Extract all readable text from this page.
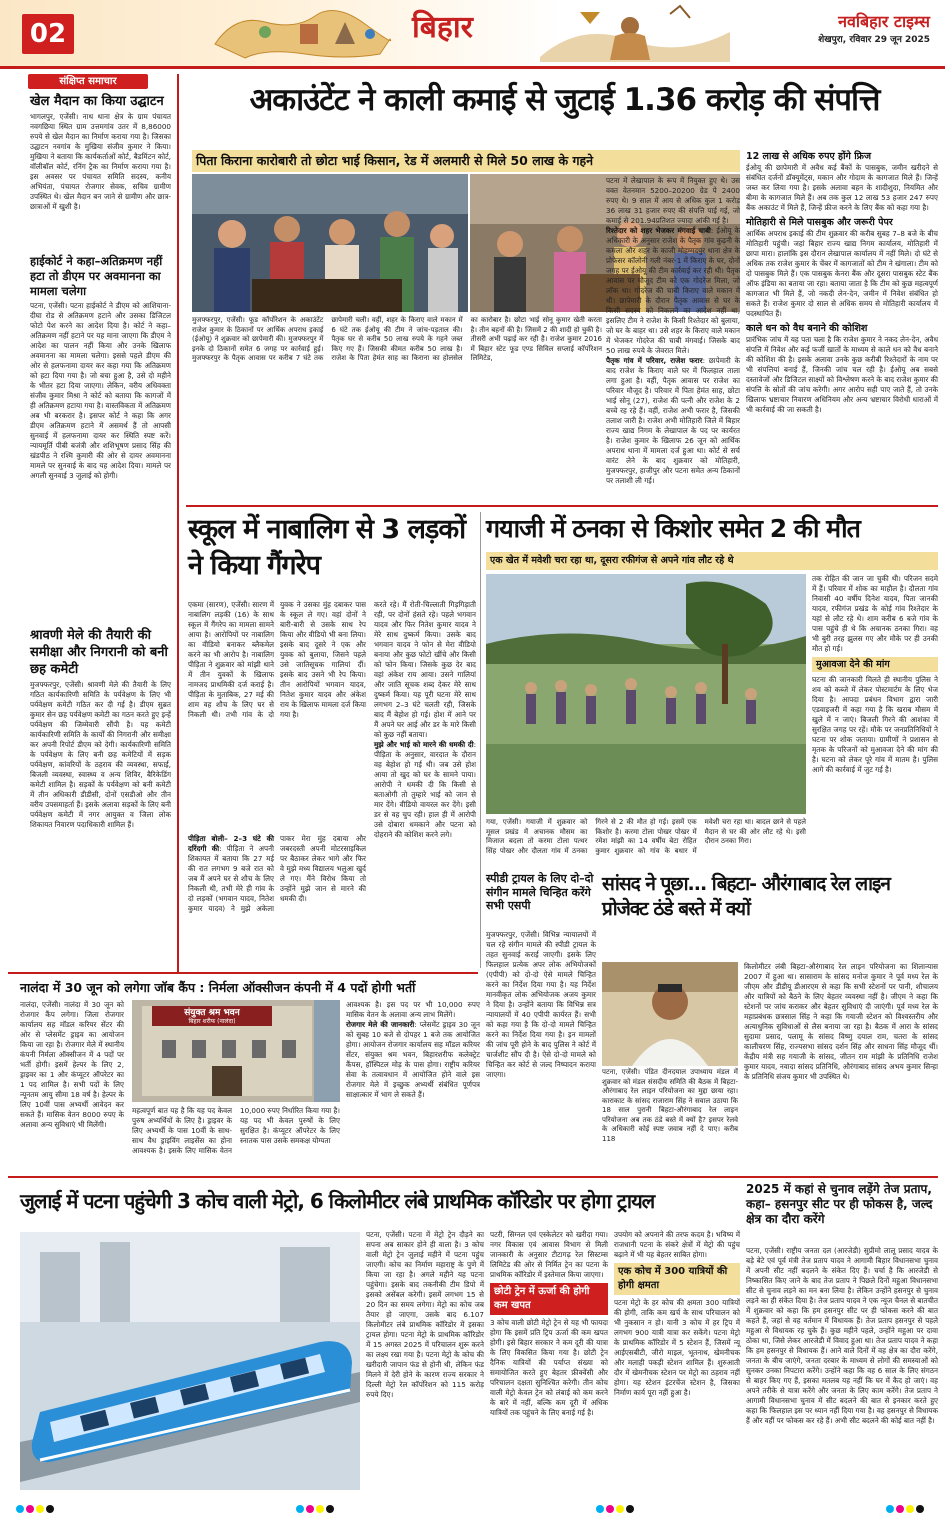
02	बिहार	नवबिहार टाइम्स
शेखपुरा, रविवार 29 जून 2025
संक्षिप्त समाचार
खेल मैदान का किया उद्घाटन
भागलपुर, एजेंसी। नाथ थाना क्षेत्र के ग्राम पंचायत नवगछिया स्थित ग्राम उत्तमगांव उतर में 8,86000 रुपये से खेल मैदान का निर्माण कराया गया है। जिसका उद्घाटन नवगांव के मुखिया संजीव कुमार ने किया। मुखिया ने बताया कि कार्यकर्ताओं कोर्ट, बैडमिंटन कोर्ट, वॉलीबॉल कोर्ट, रनिंग ट्रैक का निर्माण कराया गया है। इस अवसर पर पंचायत समिति सदस्य, कनीय अभियंता, पंचायत रोजगार सेवक, सचिव ग्रामीण उपस्थित थे। खेल मैदान बन जाने से ग्रामीण और छात्र-छात्राओं में खुशी है।
हाईकोर्ट ने कहा–अतिक्रमण नहीं हटा तो डीएम पर अवमानना का मामला चलेगा
पटना, एजेंसी। पटना हाईकोर्ट ने डीएम को आशियाना-दीघा रोड से अतिक्रमण हटाने और उसका डिजिटल फोटो पेश करने का आदेश दिया है। कोर्ट ने कहा–अतिक्रमण नहीं हटाने पर यह माना जाएगा कि डीएम ने आदेश का पालन नहीं किया और उनके खिलाफ अवमानना का मामला चलेगा। इससे पहले डीएम की ओर से हलफनामा दायर कर कहा गया कि अतिक्रमण को हटा दिया गया है। जो बचा हुआ है, उसे दो महीने के भीतर हटा दिया जाएगा। लेकिन, वरीय अधिवक्ता संजीव कुमार मिश्रा ने कोर्ट को बताया कि कागजों में ही अतिक्रमण हटाया गया है। वास्तविकता में अतिक्रमण अब भी बरकरार है। इसपर कोर्ट ने कहा कि अगर डीएम अतिक्रमण हटाने में असमर्थ हैं तो आपसी सुनवाई में हलफनामा दायर कर स्थिति स्पष्ट करें। न्यायमूर्ति पीबी बजंत्री और शशिभूषण प्रसाद सिंह की खंडपीठ ने रश्मि कुमारी की ओर से दायर अवमानना मामले पर सुनवाई के बाद यह आदेश दिया। मामले पर अगली सुनवाई 3 जुलाई को होगी।
श्रावणी मेले की तैयारी की समीक्षा और निगरानी को बनी छह कमेटी
मुजफ्फरपुर, एजेंसी। श्रावणी मेले की तैयारी के लिए गठित कार्यकारिणी समिति के पर्यवेक्षण के लिए भी पर्यवेक्षण कमेटी गठित कर दी गई है। डीएम सुब्रत कुमार सेन छह पर्यवेक्षण कमेटी का गठन करते हुए इन्हें पर्यवेक्षण की जिम्मेवारी सौंपी है। यह कमेटी कार्यकारिणी समिति के कार्यों की निगरानी और समीक्षा कर अपनी रिपोर्ट डीएम को देगी। कार्यकारिणी समिति के पर्यवेक्षण के लिए बनी छह कमेटियों में सड़क पर्यवेक्षण, कांवरियों के ठहराव की व्यवस्था, सफाई, बिजली व्यवस्था, स्वास्थ्य व अन्य शिविर, बैरिकेडिंग कमेटी शामिल है। सड़कों के पर्यवेक्षण को बनी कमेटी में तीन अधिकारी डीडीसी, दोनों एसडीओ और तीन वरीय उपसमाहर्ता हैं। इसके अलावा सड़कों के लिए बनी पर्यवेक्षण कमेटी में नगर आयुक्त व जिला लोक शिकायत निवारण पदाधिकारी शामिल हैं।
अकाउंटेंट ने काली कमाई से जुटाई 1.36 करोड़ की संपत्ति
पिता किराना कारोबारी तो छोटा भाई किसान, रेड में अलमारी से मिले 50 लाख के गहने
मुजफ्फरपुर, एजेंसी। फूड कॉर्पोरेशन के अकाउंटेंट राजेश कुमार के ठिकानों पर आर्थिक अपराध इकाई (ईओयू) ने शुक्रवार को छापेमारी की। मुजफ्फरपुर में इनके दो ठिकानों समेत 6 जगह पर कार्रवाई हुई। मुजफ्फरपुर के पैतृक आवास पर करीब 7 घंटे तक छापेमारी चली। वहीं, शहर के किराए वाले मकान में 6 घंटे तक ईओयू की टीम ने जांच-पड़ताल की। पैतृक घर से करीब 50 लाख रुपये के गहने जब्त किए गए हैं। जिसकी कीमत करीब 50 लाख है। राजेश के पिता हेमंत साह का किराना का होलसेल का कारोबार है। छोटा भाई सोनू कुमार खेती करता है। तीन बहनों की है। जिसमें 2 की शादी हो चुकी है। तीसरी अभी पढ़ाई कर रही है। राजेश कुमार 2016 में बिहार स्टेट फूड एण्ड सिविल सप्लाई कॉर्पोरेशन लिमिटेड,
पटना में लेखापाल के रूप में नियुक्त हुए थे। उस वक्त वेतनमान 5200–20200 ग्रेड पे 2400 रुपए थे। 9 साल में आय से अधिक कुल 1 करोड़ 36 लाख 31 हजार रुपए की संपत्ति पाई गई, जो कमाई से 201.94प्रतिशत ज्यादा आंकी गई है।
रिश्तेदार को शहर भेजकर मंगवाई चाबी: ईओयू के अधिकारी के अनुसार राजेश के पैतृक गांव कुढ़नी के कमला और शहर के काजी मोहम्मदपुर थाना क्षेत्र के प्रोफेसर कॉलोनी गली नंबर-1 में किराए के घर, दोनों जगह पर ईओयू की टीम कार्रवाई कर रही थी। पैतृक आवास पर मौजूद टीम को एक गोदरेज मिला, जो लॉक था। गोदरेज की चाबी किराए वाले मकान में थी। छापेमारी के दौरान पैतृक आवास से घर के किसी सदस्य को निकलने का आदेश नहीं था, इसलिए टीम ने राजेश के किसी रिश्तेदार को बुलाया, जो घर के बाहर था। उसे शहर के किराए वाले मकान में भेजकर गोदरेज की चाबी मंगवाई। जिसके बाद 50 लाख रुपये के जेवरात मिले।
पैतृक गांव में परिवार, राजेश फरार: छापेमारी के बाद राजेश के किराए वाले घर में फिलहाल ताला लगा हुआ है। वहीं, पैतृक आवास पर राजेश का परिवार मौजूद है। परिवार में पिता हेमंत साह, छोटा भाई सोनू (27), राजेश की पत्नी और राजेश के 2 बच्चे रह रहे हैं। वहीं, राजेश अभी फरार है, जिसकी तलाश जारी है। राजेश अभी मोतिहारी जिले में बिहार राज्य खाद्य निगम के लेखापाल के पद पर कार्यरत है। राजेश कुमार के खिलाफ 26 जून को आर्थिक अपराध थाना में मामला दर्ज हुआ था। कोर्ट से सर्च वारंट लेने के बाद शुक्रवार को मोतिहारी, मुजफ्फरपुर, हाजीपुर और पटना समेत अन्य ठिकानों पर तलाशी ली गई।
12 लाख से अधिक रुपए होंगे फ्रिज
ईओयू की छापेमारी में अवैध कई बैंकों के पासबुक, जमीन खरीदने से संबंधित दर्जनों डॉक्यूमेंट्स, मकान और गोदाम के कागजात मिले हैं। जिन्हें जब्त कर लिया गया है। इसके अलावा बहन के शादीशुदा, नियमित और बीमा के कागजात मिले हैं। अब तक कुल 12 लाख 53 हजार 247 रुपए बैंक अकाउंट में मिले हैं, जिन्हें फ्रीज करने के लिए बैंक को कहा गया है।
मोतिहारी से मिले पासबुक और जरूरी पेपर
आर्थिक अपराध इकाई की टीम शुक्रवार की करीब सुबह 7–8 बजे के बीच मोतिहारी पहुंची। जहां बिहार राज्य खाद्य निगम कार्यालय, मोतिहारी में छापा मारा। हालांकि इस दौरान लेखापाल कार्यालय में नहीं मिले। दो घंटे से अधिक तक राजेश कुमार के चेंबर में कागजातों को टीम ने खंगाला। टीम को दो पासबुक मिले हैं। एक पासबुक केनरा बैंक और दूसरा पासबुक स्टेट बैंक ऑफ इंडिया का बताया जा रहा। बताया जाता है कि टीम को कुछ महत्वपूर्ण कागजात भी मिले हैं, जो नकदी लेन-देन, जमीन में निवेश संबंधित हो सकते हैं। राजेश कुमार दो साल से अधिक समय से मोतिहारी कार्यालय में पदस्थापित हैं।
काले धन को वैध बनाने की कोशिश
प्रारंभिक जांच में यह पता चला है कि राजेश कुमार ने नकद लेन-देन, अवैध संपत्ति में निवेश और कई फर्जी खातों के माध्यम से काले धन को वैध बनाने की कोशिश की है। इसके अलावा उनके कुछ करीबी रिश्तेदारों के नाम पर भी संपत्तियां बनाई हैं, जिनकी जांच चल रही है। ईओयू अब सबसे दस्तावेजों और डिजिटल साक्ष्यों को विश्लेषण करने के बाद राजेश कुमार की संपत्ति के स्रोतों की जांच करेगी। अगर आरोप सही पाए जाते हैं, तो उनके खिलाफ भ्रष्टाचार निवारण अधिनियम और अन्य भ्रष्टाचार विरोधी धाराओं में भी कार्रवाई की जा सकती है।
स्कूल में नाबालिग से 3 लड़कों ने किया गैंगरेप
एकमा (सारण), एजेंसी। सारण में नाबालिग लड़की (16) के साथ स्कूल में गैंगरेप का मामला सामने आया है। आरोपियों पर नाबालिग का वीडियो बनाकर ब्लैकमेल करने का भी आरोप है। नाबालिग पीड़िता ने शुक्रवार को मांझी थाने में तीन युवकों के खिलाफ नामजद प्राथमिकी दर्ज कराई है। पीड़िता के मुताबिक, 27 मई की शाम वह शौच के लिए घर से निकली थी। तभी गांव के दो युवक ने उसका मुंह दबाकर पास के स्कूल ले गए। वहां दोनों ने बारी-बारी से उसके साथ रेप किया और वीडियो भी बना लिया। इसके बाद दूसरे ने एक और युवक को बुलाया, जिसने पहले उसे जातिसूचक गालियां दीं। इसके बाद उसने भी रेप किया। तीन आरोपियों भगवान यादव, नितेश कुमार यादव और अंकेश राय के खिलाफ मामला दर्ज किया गया है।
पीड़िता बोली– 2–3 घंटे की दरिंदगी की: पीड़िता ने अपनी शिकायत में बताया कि 27 मई की रात लगभग 9 बजे रात को जब मैं अपने घर से शौच के लिए निकली थी, तभी मेरे ही गांव के दो लड़कों (भगवान यादव, नितेश कुमार यादव) ने मुझे अकेला पाकर मेरा मुंह दबाया और जबरदस्ती अपनी मोटरसाइकिल पर बैठाकर लेकर भागे और फिर वे मुझे मध्य विद्यालय भलुआ खुर्द ले गए। मैंने विरोध किया तो उन्होंने मुझे जान से मारने की धमकी दी।
करते रहे। मैं रोती-चिल्लाती गिड़गिड़ाती रही, पर दोनों हंसते रहे। पहले भगवान यादव और फिर नितेश कुमार यादव ने मेरे साथ दुष्कर्म किया। उसके बाद भगवान यादव ने फोन से मेरा वीडियो बनाया और कुछ फोटो खींचे और किसी को फोन किया। जिसके कुछ देर बाद वहां अंकेश राय आया। उसने गालियां और जाति सूचक शब्द देकर मेरे साथ दुष्कर्म किया। यह पूरी घटना मेरे साथ लगभग 2–3 घंटे चलती रही, जिसके बाद मैं बेहोश हो गई। होश में आने पर मैं अपने घर आई और डर के मारे किसी को कुछ नहीं बताया।
मुझे और भाई को मारने की धमकी दी: पीड़िता के अनुसार, वारदात के दौरान वह बेहोश हो गई थी। जब उसे होश आया तो खुद को घर के सामने पाया। आरोपी ने धमकी दी कि किसी से बताओगी तो तुम्हारे भाई को जान से मार देंगे। वीडियो वायरल कर देंगे। इसी डर से वह चुप रही। हाल ही में आरोपी उसे दोबारा धमकाने और पटना को दोहराने की कोशिश करने लगे।
गयाजी में ठनका से किशोर समेत 2 की मौत
एक खेत में मवेशी चरा रहा था, दूसरा रफीगंज से अपने गांव लौट रहे थे
गया, एजेंसी। गयाजी में शुक्रवार को मूसल प्रखंड में अचानक मौसम का मिजाज बदला तो करमा टोला पत्थर सिंह पोखर और दौलता गांव में ठनका गिरने से 2 की मौत हो गई। इसमें एक किशोर है। करमा टोला पोखर पोखर में रमेश मांझी का 14 वर्षीय बेटा रोहित कुमार शुक्रवार को गांव के बधार में मवेशी चरा रहा था। बादल छाने से पहले मैदान से घर की ओर लौट रहे थे। इसी दौरान ठनका गिरा।
तक रोहित की जान जा चुकी थी। परिजन सदमे में हैं। परिवार में शोक का माहौल है। दौलता गांव निवासी 40 वर्षीय दिनेश यादव, पिता जानकी यादव, रफीगंज प्रखंड के कोई गांव रिश्तेदार के यहां से लौट रहे थे। शाम करीब 6 बजे गांव के पास पहुंचे ही थे कि अचानक ठनका गिरा। वह भी बुरी तरह झुलस गए और मौके पर ही उनकी मौत हो गई।
मुआवजा देने की मांग
घटना की जानकारी मिलते ही स्थानीय पुलिस ने शव को कब्जे में लेकर पोस्टमार्टम के लिए भेज दिया है। आपदा प्रबंधन विभाग द्वारा जारी एडवाइजरी में कहा गया है कि खराब मौसम में खुले में न जाएं। बिजली गिरने की आशंका में सुरक्षित जगह पर रहें। मौके पर जनप्रतिनिधियों ने घटना पर शोक जताया। ग्रामीणों ने प्रशासन से मृतक के परिजनों को मुआवजा देने की मांग की है। घटना को लेकर पूरे गांव में मातम है। पुलिस आगे की कार्रवाई में जुट गई है।
स्पीडी ट्रायल के लिए दो–दो संगीन मामले चिन्हित करेंगे सभी एसपी
मुजफ्फरपुर, एजेंसी। विभिन्न न्यायालयों में चल रहे संगीन मामले की स्पीडी ट्रायल के तहत सुनवाई कराई जाएगी। इसके लिए फिलहाल प्रत्येक अपर लोक अभियोजकों (एपीपी) को दो-दो ऐसे मामले चिन्हित करने का निर्देश दिया गया है। यह निर्देश मानवीकृत लोक अभियोजक अजय कुमार ने दिया है। उन्होंने बताया कि विभिन्न सत्र न्यायालयों में 40 एपीपी कार्यरत हैं। सभी को कहा गया है कि दो-दो मामले चिन्हित करने का निर्देश दिया गया है। इन मामलों की जांच पूरी होने के बाद पुलिस ने कोर्ट में चार्जशीट सौंप दी है। ऐसे दो-दो मामले को चिन्हित कर कोर्ट से जल्द निष्पादन कराया जाएगा।
सांसद ने पूछा... बिहटा- औरंगाबाद रेल लाइन प्रोजेक्ट ठंडे बस्ते में क्यों
पटना, एजेंसी। पंडित दीनदयाल उपाध्याय मंडल में शुक्रवार को मंडल संसदीय समिति की बैठक में बिहटा-औरंगाबाद रेल लाइन परियोजना का मुद्दा छाया रहा। काराकाट के सांसद राजाराम सिंह ने सवाल उठाया कि 18 साल पुरानी बिहटा-औरंगाबाद रेल लाइन परियोजना अब तक ठंडे बस्ते में क्यों है? इसपर रेलवे के अधिकारी कोई स्पष्ट जवाब नहीं दे पाए। करीब 118
किलोमीटर लंबी बिहटा-औरंगाबाद रेल लाइन परियोजना का शिलान्यास 2007 में हुआ था। सासाराम के सांसद मनोज कुमार ने पूर्व मध्य रेल के जीएम और डीडीयू डीआरएम से कहा कि सभी स्टेशनों पर पानी, शौचालय और यात्रियों को बैठने के लिए बेहतर व्यवस्था नहीं है। जीएम ने कहा कि स्टेशनों पर जांच कराकर और बेहतर सुविधाएं दी जाएंगी। पूर्व मध्य रेल के महाप्रबंधक छत्रसाल सिंह ने कहा कि गयाजी स्टेशन को विश्वस्तरीय और अत्याधुनिक सुविधाओं से लैस बनाया जा रहा है। बैठक में आरा के सांसद सुदामा प्रसाद, पलामू के सांसद विष्णु दयाल राम, चतरा के सांसद कालीचरण सिंह, राज्यसभा सांसद दर्शन सिंह और साधना सिंह मौजूद थीं। केंद्रीय मंत्री सह गयाजी के सांसद, जीतन राम मांझी के प्रतिनिधि राजेश कुमार यादव, नवादा सांसद प्रतिनिधि, औरंगाबाद सांसद अभय कुमार सिन्हा के प्रतिनिधि संजय कुमार भी उपस्थित थे।
नालंदा में 30 जून को लगेगा जॉब कैंप : निर्मला ऑक्सीजन कंपनी में 4 पदों होगी भर्ती
नालंदा, एजेंसी। नालंदा में 30 जून को रोजगार कैंप लगेगा। जिला रोजगार कार्यालय सह मॉडल करियर सेंटर की ओर से प्लेसमेंट ड्राइव का आयोजन किया जा रहा है। रोजगार मेले में स्थानीय कंपनी निर्मला ऑक्सीजन में 4 पदों पर भर्ती होगी। इसमें हेल्पर के लिए 2, ड्राइवर का 1 और कंप्यूटर ऑपरेटर का 1 पद शामिल है। सभी पदों के लिए न्यूनतम आयु सीमा 18 वर्ष है। हेल्पर के लिए 10वीं पास अभ्यर्थी आवेदन कर सकते हैं। मासिक वेतन 8000 रुपए के अलावा अन्य सुविधाएं भी मिलेंगी।
संयुक्त श्रम भवन
बिहार शरीफ (नालंदा)
महत्वपूर्ण बात यह है कि यह पद केवल पुरुष अभ्यर्थियों के लिए है। ड्राइवर के लिए अभ्यर्थी के पास 10वीं के साथ-साथ वैध ड्राइविंग लाइसेंस का होना आवश्यक है। इसके लिए मासिक वेतन 10,000 रुपए निर्धारित किया गया है। यह पद भी केवल पुरुषों के लिए सुरक्षित है। कंप्यूटर ऑपरेटर के लिए स्नातक पास उसके समकक्ष योग्यता
आवश्यक है। इस पद पर भी 10,000 रुपए मासिक वेतन के अलावा अन्य लाभ मिलेंगे।
रोजगार मेले की जानकारी: प्लेसमेंट ड्राइव 30 जून को सुबह 10 बजे से दोपहर 1 बजे तक आयोजित होगा। आयोजन रोजगार कार्यालय सह मॉडल करियर सेंटर, संयुक्त श्रम भवन, बिहारशरीफ कलेक्ट्रेट कैंपस, हॉस्पिटल मोड़ के पास होगा। राष्ट्रीय करियर सेवा के तत्वावधान में आयोजित होने वाले इस रोजगार मेले में इच्छुक अभ्यर्थी संबंधित पूर्णपत्र साक्षात्कार में भाग ले सकते हैं।
जुलाई में पटना पहुंचेगी 3 कोच वाली मेट्रो, 6 किलोमीटर लंबे प्राथमिक कॉरिडोर पर होगा ट्रायल
पटना, एजेंसी। पटना में मेट्रो ट्रेन दौड़ने का सपना अब साकार होने ही वाला है। 3 कोच वाली मेट्रो ट्रेन जुलाई महीने में पटना पहुंच जाएगी। कोच का निर्माण महाराष्ट्र के पुणे में किया जा रहा है। अगले महीने यह पटना पहुंचेगा। इसके बाद तकनीकी टीम डिपो में इसको असेंबल करेगी। इसमें लगभग 15 से 20 दिन का समय लगेगा। मेट्रो का कोच जब तैयार हो जाएगा, उसके बाद 6.107 किलोमीटर लंबे प्राथमिक कॉरिडोर में इसका ट्रायल होगा। पटना मेट्रो के प्राथमिक कॉरिडोर में 15 अगस्त 2025 में परिचालन शुरू करने का लक्ष्य रखा गया है। पटना मेट्रो के कोच की खरीदारी जापान फंड से होनी थी, लेकिन फंड मिलने में देरी होने के कारण राज्य सरकार ने दिल्ली मेट्रो रेल कॉर्पोरेशन को 115 करोड़ रुपये दिए।
पटरी, सिग्नल एवं एस्केलेटर को खरीदा गया। नगर विकास एवं आवास विभाग से मिली जानकारी के अनुसार टीटागढ़ रेल सिस्टम्स लिमिटेड की ओर से निर्मित ट्रेन का पटना के प्राथमिक कॉरिडोर में इस्तेमाल किया जाएगा।
छोटी ट्रेन में ऊर्जा की होगी कम खपत
3 कोच वाली छोटी मेट्रो ट्रेन से यह भी फायदा होगा कि इसमें प्रति ट्रिप ऊर्जा की कम खपत होगी। इसे बिहार सरकार ने कम दूरी की यात्रा के लिए विकसित किया गया है। छोटी ट्रेन दैनिक यात्रियों की पर्याप्त संख्या को समायोजित करते हुए बेहतर फ्रीक्वेंसी और परिचालन दक्षता सुनिश्चित करेगी। तीन कोच वाली मेट्रो केवल ट्रेन को लंबाई को कम करने के बारे में नहीं, बल्कि कम दूरी में अधिक यात्रियों तक पहुंचने के लिए बनाई गई है।
उपयोग को अपनाने की तरफ कदम है। भविष्य में राजधानी पटना के संकरे क्षेत्रों में मेट्रो की पहुंच बढ़ाने में भी यह बेहतर साबित होगा।
एक कोच में 300 यात्रियों की होगी क्षमता
पटना मेट्रो के हर कोच की क्षमता 300 यात्रियों की होगी, ताकि कम खर्च के साथ परिचालन को भी नुकसान न हो। यानी 3 कोच में हर ट्रिप में लगभग 900 यात्री यात्रा कर सकेंगे। पटना मेट्रो के प्राथमिक कॉरिडोर में 5 स्टेशन हैं, जिसमें न्यू आईएसबीटी, जीरो माइल, भूतनाथ, खेमनीचक और मलाही पकड़ी स्टेशन शामिल हैं। शुरुआती दौर में खेमनीचक स्टेशन पर मेट्रो का ठहराव नहीं होगा। यह स्टेशन इंटरचेंज स्टेशन है, जिसका निर्माण कार्य पूरा नहीं हुआ है।
2025 में कहां से चुनाव लड़ेंगे तेज प्रताप, कहा– हसनपुर सीट पर ही फोकस है, जल्द क्षेत्र का दौरा करेंगे
पटना, एजेंसी। राष्ट्रीय जनता दल (आरजेडी) सुप्रीमो लालू प्रसाद यादव के बड़े बेटे एवं पूर्व मंत्री तेज प्रताप यादव ने आगामी बिहार विधानसभा चुनाव में अपनी सीट नहीं बदलने के संकेत दिए हैं। चर्चा है कि आरजेडी से निष्कासित किए जाने के बाद तेज प्रताप ने पिछले दिनों महुआ विधानसभा सीट से चुनाव लड़ने का मन बना लिया है। लेकिन उन्होंने हसनपुर से चुनाव लड़ने का ही संकेत दिया है। तेज प्रताप यादव ने एक न्यूज चैनल से बातचीत में शुक्रवार को कहा कि हम हसनपुर सीट पर ही फोकस करने की बात कहते हैं, जहां से वह वर्तमान में विधायक हैं। तेज प्रताप हसनपुर से पहले महुआ से विधायक रह चुके हैं। कुछ महीने पहले, उन्होंने महुआ पर दावा ठोका था, जिसे लेकर आरजेडी में विवाद हुआ था। तेज प्रताप यादव ने कहा कि हम हसनपुर से विधायक हैं। आने वाले दिनों में वह क्षेत्र का दौरा करेंगे, जनता के बीच जाएंगे, जनता दरबार के माध्यम से लोगों की समस्याओं को सुनकर उनका निपटारा करेंगे। उन्होंने कहा कि वह 6 साल के लिए संगठन से बाहर किए गए हैं, इसका मतलब यह नहीं कि घर में कैद हो जाएं। वह अपने तरीके से यात्रा करेंगे और जनता के लिए काम करेंगे। तेज प्रताप ने आगामी विधानसभा चुनाव में सीट बदलने की बात से इनकार करते हुए कहा कि फिलहाल इस पर ध्यान नहीं दिया गया है। वह हसनपुर से विधायक हैं और वहीं पर फोकस कर रहे हैं। अभी सीट बदलने की कोई बात नहीं है।
